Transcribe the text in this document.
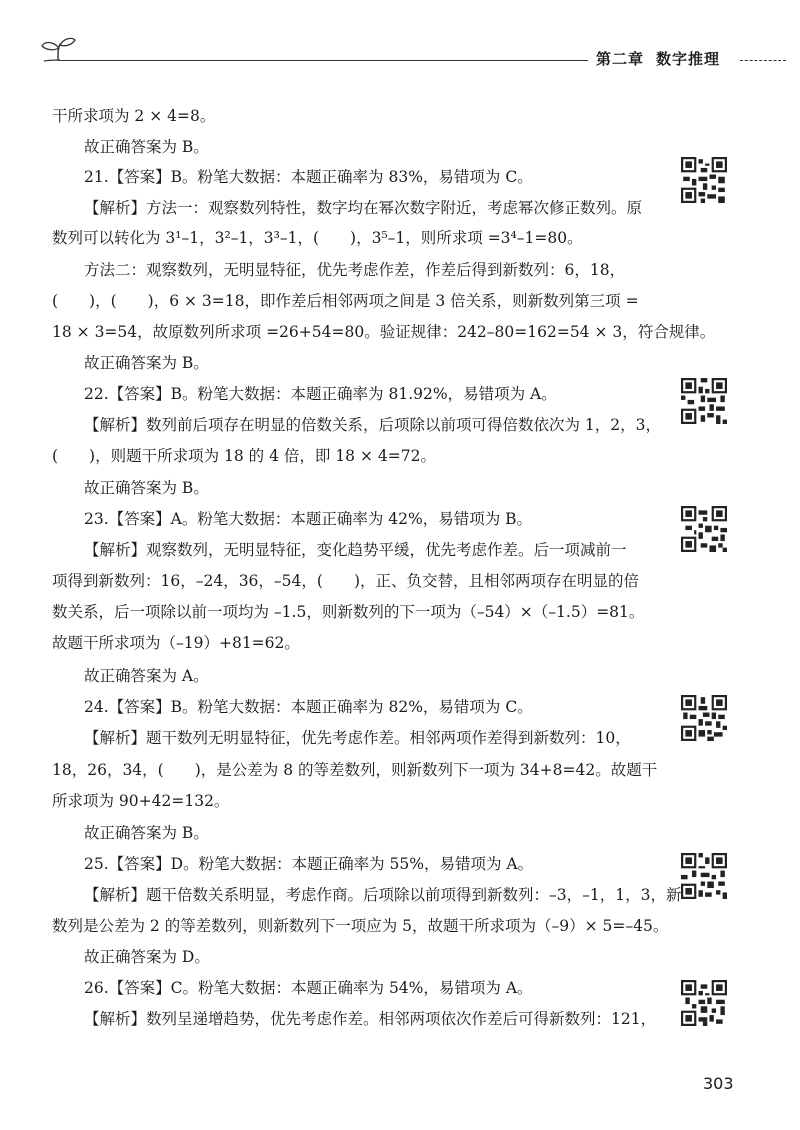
第二章 数字推理
干所求项为 2 × 4=8。
故正确答案为 B。
21.【答案】B。粉笔大数据：本题正确率为 83%，易错项为 C。
【解析】方法一：观察数列特性，数字均在幂次数字附近，考虑幂次修正数列。原
数列可以转化为 3¹–1，3²–1，3³–1，(　　)，3⁵–1，则所求项 =3⁴–1=80。
方法二：观察数列，无明显特征，优先考虑作差，作差后得到新数列：6，18，
(　　)，(　　)，6 × 3=18，即作差后相邻两项之间是 3 倍关系，则新数列第三项 =
18 × 3=54，故原数列所求项 =26+54=80。验证规律：242–80=162=54 × 3，符合规律。
故正确答案为 B。
22.【答案】B。粉笔大数据：本题正确率为 81.92%，易错项为 A。
【解析】数列前后项存在明显的倍数关系，后项除以前项可得倍数依次为 1，2，3，
(　　)，则题干所求项为 18 的 4 倍，即 18 × 4=72。
故正确答案为 B。
23.【答案】A。粉笔大数据：本题正确率为 42%，易错项为 B。
【解析】观察数列，无明显特征，变化趋势平缓，优先考虑作差。后一项减前一
项得到新数列：16，–24，36，–54，(　　)，正、负交替，且相邻两项存在明显的倍
数关系，后一项除以前一项均为 –1.5，则新数列的下一项为（–54）×（–1.5）=81。
故题干所求项为（–19）+81=62。
故正确答案为 A。
24.【答案】B。粉笔大数据：本题正确率为 82%，易错项为 C。
【解析】题干数列无明显特征，优先考虑作差。相邻两项作差得到新数列：10，
18，26，34，(　　)，是公差为 8 的等差数列，则新数列下一项为 34+8=42。故题干
所求项为 90+42=132。
故正确答案为 B。
25.【答案】D。粉笔大数据：本题正确率为 55%，易错项为 A。
【解析】题干倍数关系明显，考虑作商。后项除以前项得到新数列：–3，–1，1，3，新
数列是公差为 2 的等差数列，则新数列下一项应为 5，故题干所求项为（–9）× 5=–45。
故正确答案为 D。
26.【答案】C。粉笔大数据：本题正确率为 54%，易错项为 A。
【解析】数列呈递增趋势，优先考虑作差。相邻两项依次作差后可得新数列：121，
303
